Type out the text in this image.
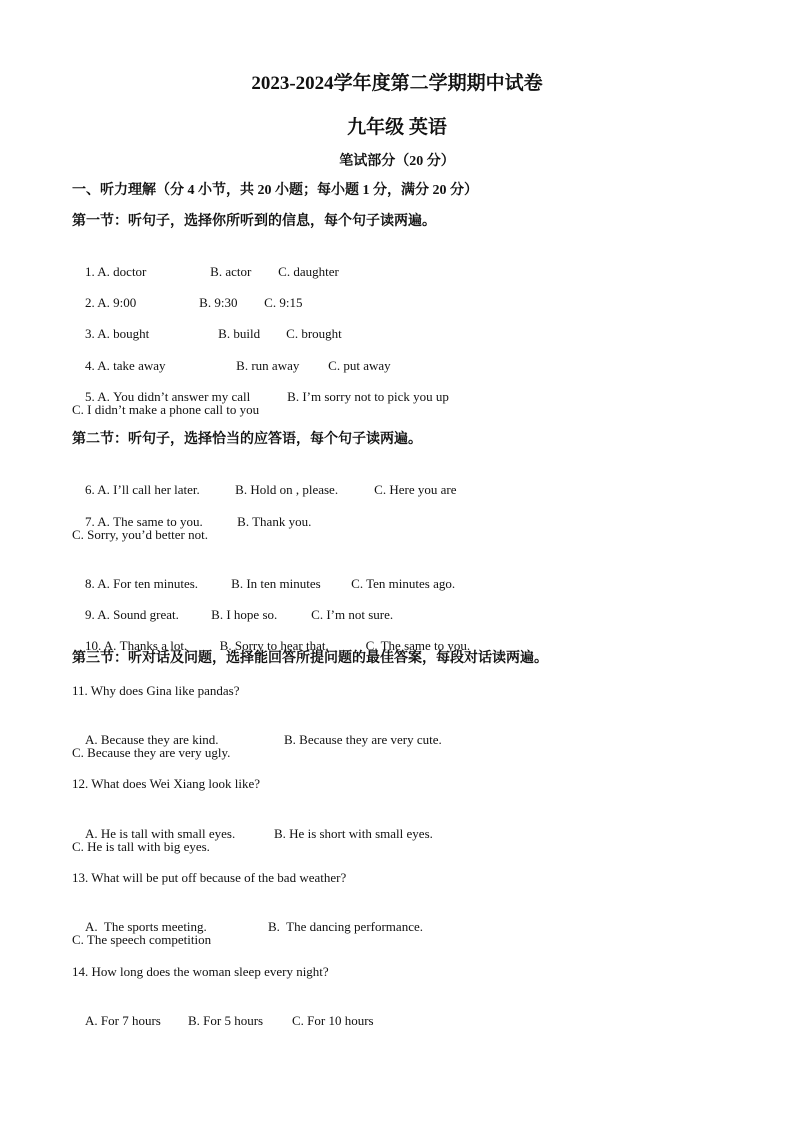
2023-2024学年度第二学期期中试卷
九年级 英语
笔试部分（20 分）
一、听力理解（分 4 小节，共 20 小题；每小题 1 分，满分 20 分）
第一节：听句子，选择你所听到的信息，每个句子读两遍。

1. A. doctor	B. actor C. daughter

2. A. 9:00	B. 9:30 C. 9:15

3. A. bought	B. build C. brought

4. A. take away	B. run away C. put away

5. A. You didn’t answer my call	B. I’m sorry not to pick you up

C. I didn’t make a phone call to you
第二节：听句子，选择恰当的应答语，每个句子读两遍。

6. A. I’ll call her later.	B. Hold on , please.	C. Here you are

7. A. The same to you.	B. Thank you.

C. Sorry, you’d better not.

8. A. For ten minutes.	B. In ten minutes C. Ten minutes ago.

9. A. Sound great. B. I hope so.	C. I’m not sure.

10. A. Thanks a lot. B. Sorry to hear that.	C. The same to you.

第三节：听对话及问题，选择能回答所提问题的最佳答案，每段对话读两遍。
11. Why does Gina like pandas?

A. Because they are kind.	B. Because they are very cute.

C. Because they are very ugly.
12. What does Wei Xiang look like?

A. He is tall with small eyes.	B. He is short with small eyes.

C. He is tall with big eyes.
13. What will be put off because of the bad weather?

A.  The sports meeting.	B.  The dancing performance.

C. The speech competition
14. How long does the woman sleep every night?

A. For 7 hours B. For 5 hours C. For 10 hours
